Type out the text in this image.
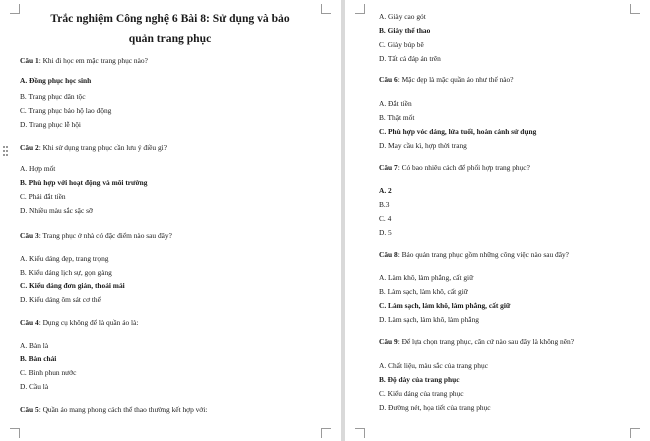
Trắc nghiệm Công nghệ 6 Bài 8: Sử dụng và bảo
quản trang phục
Câu 1: Khi đi học em mặc trang phục nào?
A. Đồng phục học sinh
B. Trang phục dân tộc
C. Trang phục bảo hộ lao động
D. Trang phục lễ hội
Câu 2: Khi sử dụng trang phục cần lưu ý điều gì?
A. Hợp mốt
B. Phù hợp với hoạt động và môi trường
C. Phải đắt tiền
D. Nhiều màu sắc sặc sỡ
Câu 3: Trang phục ở nhà có đặc điểm nào sau đây?
A. Kiểu dáng đẹp, trang trọng
B. Kiểu dáng lịch sự, gọn gàng
C. Kiểu dáng đơn giản, thoải mái
D. Kiểu dáng ôm sát cơ thể
Câu 4: Dụng cụ không để là quần áo là:
A. Bàn là
B. Bàn chải
C. Bình phun nước
D. Cầu là
Câu 5: Quần áo mang phong cách thể thao thường kết hợp với:
A. Giày cao gót
B. Giày thể thao
C. Giày búp bê
D. Tất cả đáp án trên
Câu 6: Mặc đẹp là mặc quần áo như thế nào?
A. Đắt tiền
B. Thật mốt
C. Phù hợp vóc dáng, lứa tuổi, hoàn cảnh sử dụng
D. May cầu kì, hợp thời trang
Câu 7: Có bao nhiêu cách để phối hợp trang phục?
A. 2
B.3
C. 4
D. 5
Câu 8: Bảo quản trang phục gồm những công việc nào sau đây?
A. Làm khô, làm phẳng, cất giữ
B. Làm sạch, làm khô, cất giữ
C. Làm sạch, làm khô, làm phẳng, cất giữ
D. Làm sạch, làm khô, làm phẳng
Câu 9: Để lựa chọn trang phục, căn cứ nào sau đây là không nên?
A. Chất liệu, màu sắc của trang phục
B. Độ dày của trang phục
C. Kiểu dáng của trang phục
D. Đường nét, họa tiết của trang phục
